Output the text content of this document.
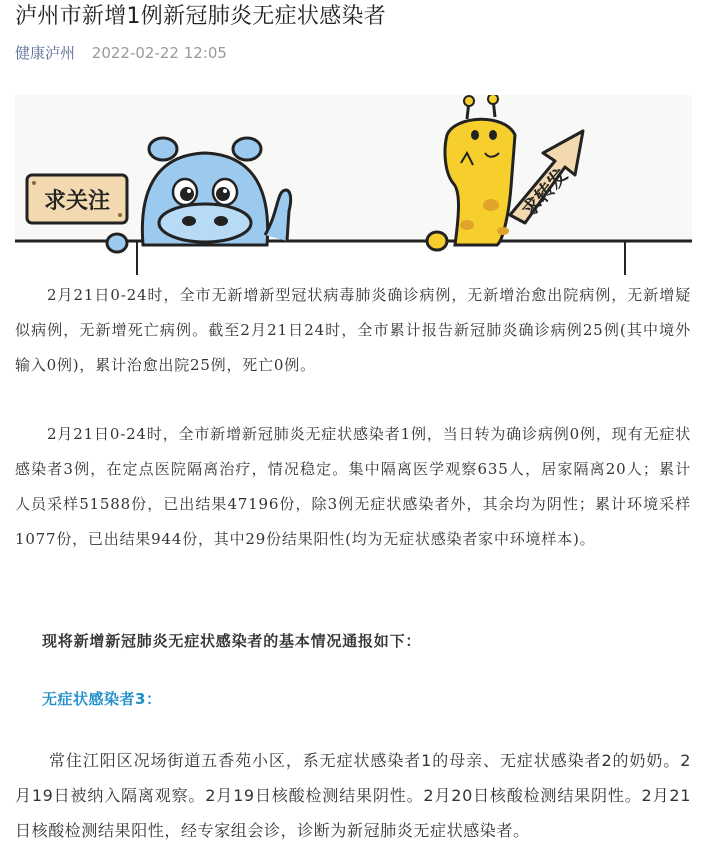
泸州市新增1例新冠肺炎无症状感染者
健康泸州 2022-02-22 12:05
求关注	求转发

2月21日0-24时，全市无新增新型冠状病毒肺炎确诊病例，无新增治愈出院病例，无新增疑似病例，无新增死亡病例。截至2月21日24时，全市累计报告新冠肺炎确诊病例25例(其中境外输入0例)，累计治愈出院25例，死亡0例。

2月21日0-24时，全市新增新冠肺炎无症状感染者1例，当日转为确诊病例0例，现有无症状感染者3例，在定点医院隔离治疗，情况稳定。集中隔离医学观察635人，居家隔离20人；累计人员采样51588份，已出结果47196份，除3例无症状感染者外，其余均为阴性；累计环境采样1077份，已出结果944份，其中29份结果阳性(均为无症状感染者家中环境样本)。

现将新增新冠肺炎无症状感染者的基本情况通报如下：

无症状感染者3：

常住江阳区况场街道五香苑小区，系无症状感染者1的母亲、无症状感染者2的奶奶。2月19日被纳入隔离观察。2月19日核酸检测结果阴性。2月20日核酸检测结果阴性。2月21日核酸检测结果阳性，经专家组会诊，诊断为新冠肺炎无症状感染者。
